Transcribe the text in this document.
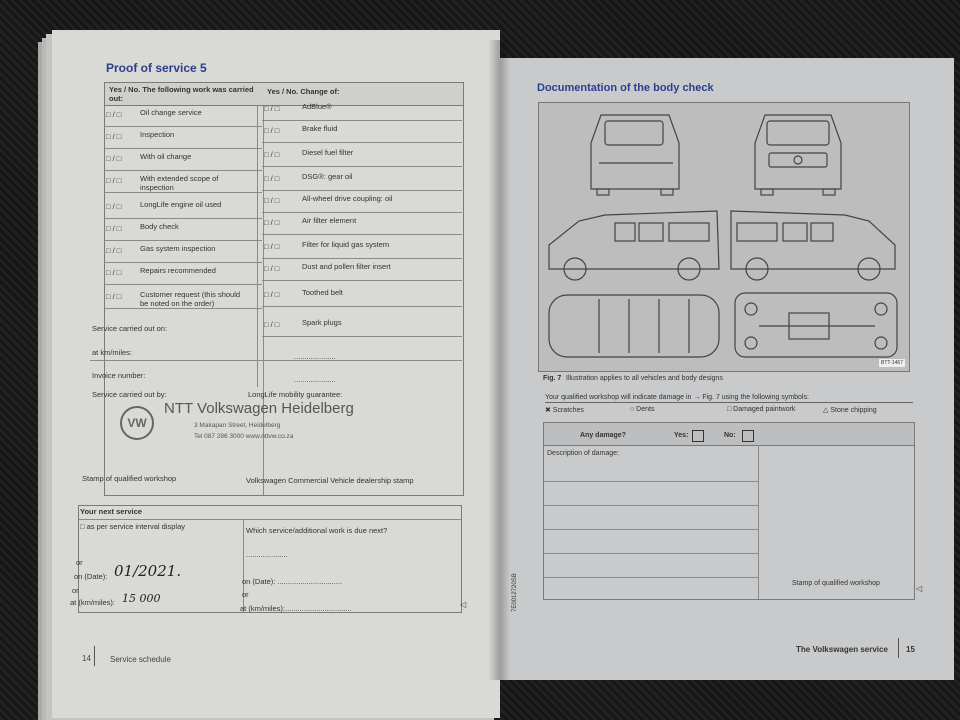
Proof of service 5
Yes / No. The following work was carried out:
Yes / No. Change of:
Service carried out on:
at km/miles:
Invoice number:
Service carried out by:	LongLife mobility guarantee:
....................
....................
VW
NTT Volkswagen Heidelberg
3 Makapan Street, Heidelberg
Tel 087 286 3000 www.nttvw.co.za
Stamp of qualified workshop	Volkswagen Commercial Vehicle dealership stamp
Your next service
□ as per service interval display	Which service/additional work is due next?
....................
or
on (Date): 01/2021.
or
at (km/miles): 15 000
on (Date): ...............................
or
at (km/miles):................................
14 Service schedule
□ / □ Oil change service
□ / □ Inspection
□ / □ With oil change
□ / □ With extended scope of inspection
□ / □ LongLife engine oil used
□ / □ Body check
□ / □ Gas system inspection
□ / □ Repairs recommended
□ / □ Customer request (this should be noted on the order)
□ / □	AdBlue®
□ / □	Brake fluid
□ / □	Diesel fuel filter
□ / □	DSG®: gear oil
□ / □	All-wheel drive coupling: oil
□ / □	Air filter element
□ / □	Filter for liquid gas system
□ / □	Dust and pollen filter insert
□ / □	Toothed belt
□ / □	Spark plugs
Documentation of the body check
BTT-1467
Fig. 7 Illustration applies to all vehicles and body designs
Your qualified workshop will indicate damage in → Fig. 7 using the following symbols:
✖ Scratches	○ Dents	□ Damaged paintwork	△ Stone chipping
Any damage?	Yes:	No:
Description of damage:
Stamp of qualified workshop
◁
◁	7E0012720SB
The Volkswagen service 15
